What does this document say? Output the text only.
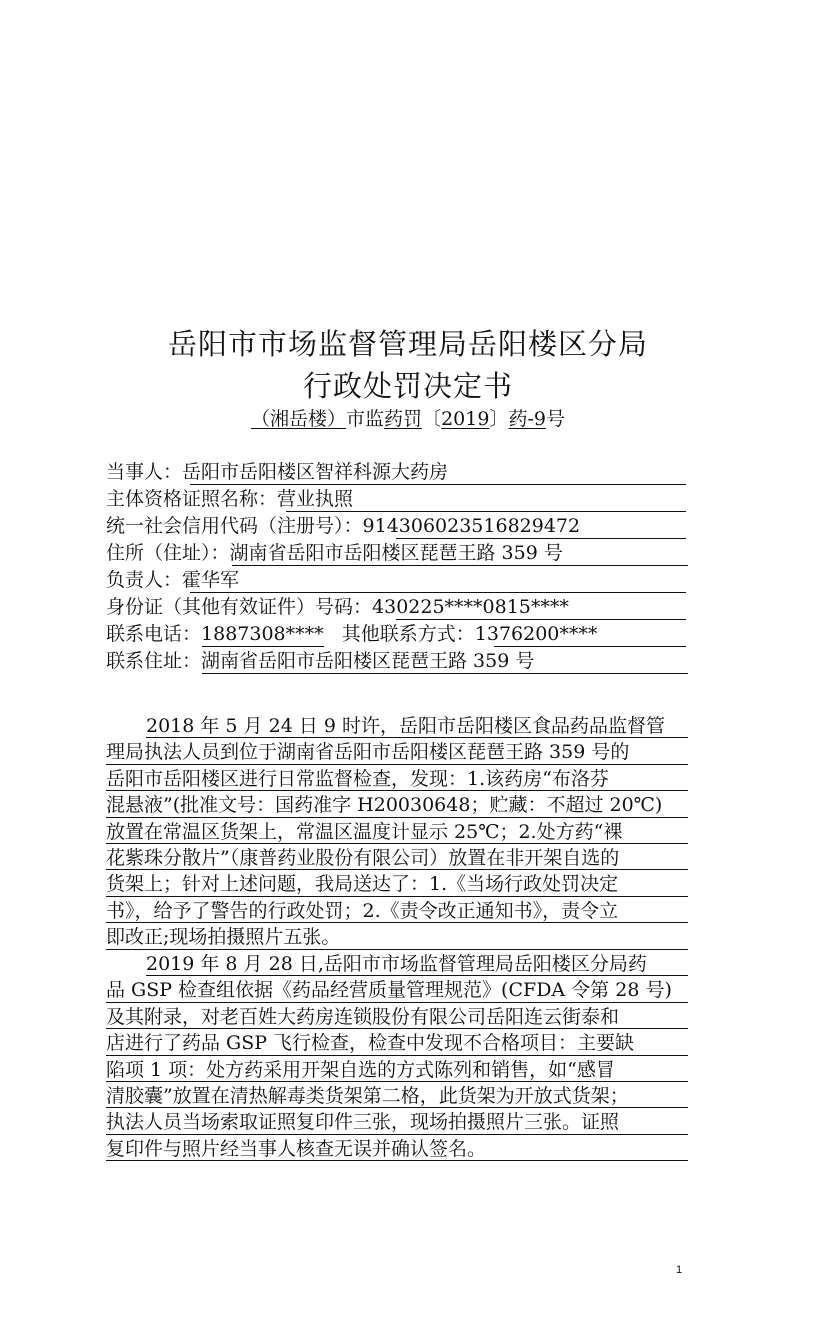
岳阳市市场监督管理局岳阳楼区分局
行政处罚决定书
（湘岳楼）市监药罚〔2019〕药-9号
当事人：岳阳市岳阳楼区智祥科源大药房
主体资格证照名称：营业执照
统一社会信用代码（注册号）：914306023516829472
住所（住址）：湖南省岳阳市岳阳楼区琵琶王路 359 号
负责人：霍华军
身份证（其他有效证件）号码：430225****0815****
联系电话：1887308**** 其他联系方式：1376200****
联系住址：湖南省岳阳市岳阳楼区琵琶王路 359 号
2018 年 5 月 24 日 9 时许，岳阳市岳阳楼区食品药品监督管
理局执法人员到位于湖南省岳阳市岳阳楼区琵琶王路 359 号的
岳阳市岳阳楼区进行日常监督检查，发现：1.该药房“布洛芬
混悬液”(批准文号：国药准字 H20030648；贮藏：不超过 20℃)
放置在常温区货架上，常温区温度计显示 25℃；2.处方药“裸
花紫珠分散片”（康普药业股份有限公司）放置在非开架自选的
货架上；针对上述问题，我局送达了：1.《当场行政处罚决定
书》，给予了警告的行政处罚；2.《责令改正通知书》，责令立
即改正;现场拍摄照片五张。
2019 年 8 月 28 日,岳阳市市场监督管理局岳阳楼区分局药
品 GSP 检查组依据《药品经营质量管理规范》(CFDA 令第 28 号)
及其附录，对老百姓大药房连锁股份有限公司岳阳连云街泰和
店进行了药品 GSP 飞行检查，检查中发现不合格项目：主要缺
陷项 1 项：处方药采用开架自选的方式陈列和销售，如“感冒
清胶囊”放置在清热解毒类货架第二格，此货架为开放式货架；
执法人员当场索取证照复印件三张，现场拍摄照片三张。证照
复印件与照片经当事人核查无误并确认签名。
1
